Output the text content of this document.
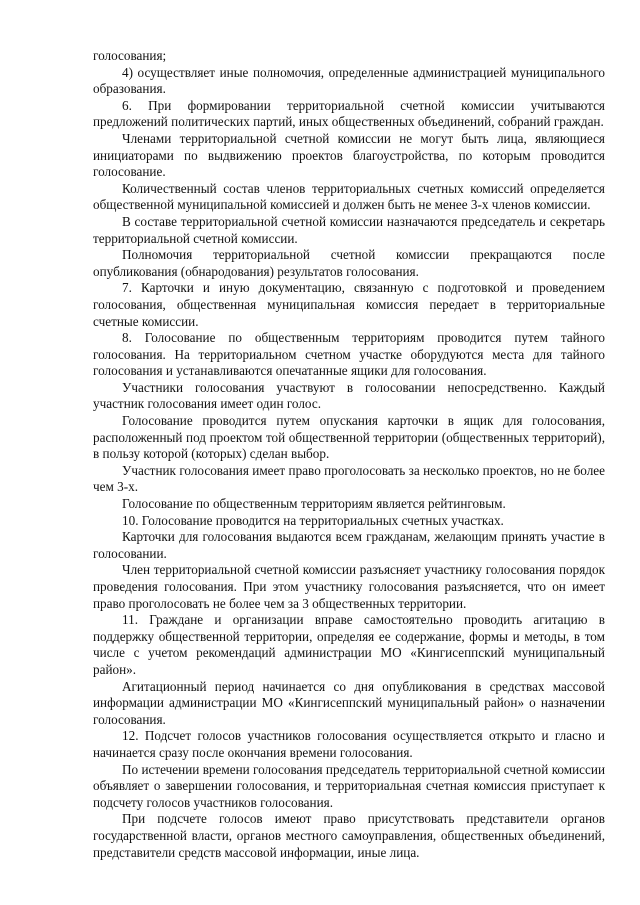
голосования;

4) осуществляет иные полномочия, определенные администрацией муниципального образования.

6. При формировании территориальной счетной комиссии учитываются предложений политических партий, иных общественных объединений, собраний граждан.

Членами территориальной счетной комиссии не могут быть лица, являющиеся инициаторами по выдвижению проектов благоустройства, по которым проводится голосование.

Количественный состав членов территориальных счетных комиссий определяется общественной муниципальной комиссией и должен быть не менее 3-х членов комиссии.

В составе территориальной счетной комиссии назначаются председатель и секретарь территориальной счетной комиссии.

Полномочия территориальной счетной комиссии прекращаются после опубликования (обнародования) результатов голосования.

7. Карточки и иную документацию, связанную с подготовкой и проведением голосования, общественная муниципальная комиссия передает в территориальные счетные комиссии.

8. Голосование по общественным территориям проводится путем тайного голосования. На территориальном счетном участке оборудуются места для тайного голосования и устанавливаются опечатанные ящики для голосования.

Участники голосования участвуют в голосовании непосредственно. Каждый участник голосования имеет один голос.

Голосование проводится путем опускания карточки в ящик для голосования, расположенный под проектом той общественной территории (общественных территорий), в пользу которой (которых) сделан выбор.

Участник голосования имеет право проголосовать за несколько проектов, но не более чем 3-х.

Голосование по общественным территориям является рейтинговым.

10. Голосование проводится на территориальных счетных участках.

Карточки для голосования выдаются всем гражданам, желающим принять участие в голосовании.

Член территориальной счетной комиссии разъясняет участнику голосования порядок проведения голосования. При этом участнику голосования разъясняется, что он имеет право проголосовать не более чем за 3 общественных территории.

11. Граждане и организации вправе самостоятельно проводить агитацию в поддержку общественной территории, определяя ее содержание, формы и методы, в том числе с учетом рекомендаций администрации МО «Кингисеппский муниципальный район».

Агитационный период начинается со дня опубликования в средствах массовой информации администрации МО «Кингисеппский муниципальный район» о назначении голосования.

12. Подсчет голосов участников голосования осуществляется открыто и гласно и начинается сразу после окончания времени голосования.

По истечении времени голосования председатель территориальной счетной комиссии объявляет о завершении голосования, и территориальная счетная комиссия приступает к подсчету голосов участников голосования.

При подсчете голосов имеют право присутствовать представители органов государственной власти, органов местного самоуправления, общественных объединений, представители средств массовой информации, иные лица.
